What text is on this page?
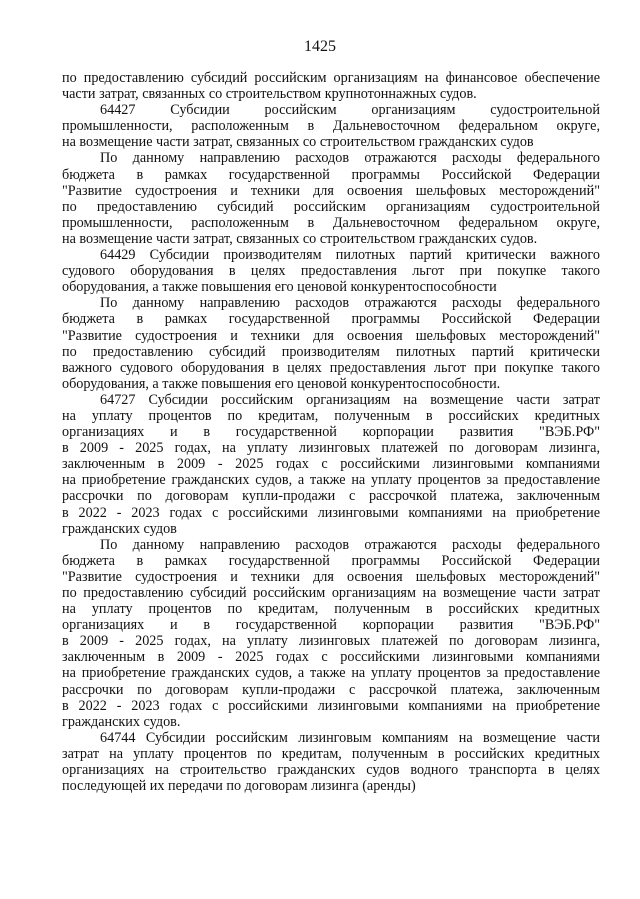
1425
по предоставлению субсидий российским организациям на финансовое обеспечение
части затрат, связанных со строительством крупнотоннажных судов.
64427 Субсидии российским организациям судостроительной
промышленности, расположенным в Дальневосточном федеральном округе,
на возмещение части затрат, связанных со строительством гражданских судов
По данному направлению расходов отражаются расходы федерального
бюджета в рамках государственной программы Российской Федерации
"Развитие судостроения и техники для освоения шельфовых месторождений"
по предоставлению субсидий российским организациям судостроительной
промышленности, расположенным в Дальневосточном федеральном округе,
на возмещение части затрат, связанных со строительством гражданских судов.
64429 Субсидии производителям пилотных партий критически важного
судового оборудования в целях предоставления льгот при покупке такого
оборудования, а также повышения его ценовой конкурентоспособности
По данному направлению расходов отражаются расходы федерального
бюджета в рамках государственной программы Российской Федерации
"Развитие судостроения и техники для освоения шельфовых месторождений"
по предоставлению субсидий производителям пилотных партий критически
важного судового оборудования в целях предоставления льгот при покупке такого
оборудования, а также повышения его ценовой конкурентоспособности.
64727 Субсидии российским организациям на возмещение части затрат
на уплату процентов по кредитам, полученным в российских кредитных
организациях и в государственной корпорации развития "ВЭБ.РФ"
в 2009 - 2025 годах, на уплату лизинговых платежей по договорам лизинга,
заключенным в 2009 - 2025 годах с российскими лизинговыми компаниями
на приобретение гражданских судов, а также на уплату процентов за предоставление
рассрочки по договорам купли-продажи с рассрочкой платежа, заключенным
в 2022 - 2023 годах с российскими лизинговыми компаниями на приобретение
гражданских судов
По данному направлению расходов отражаются расходы федерального
бюджета в рамках государственной программы Российской Федерации
"Развитие судостроения и техники для освоения шельфовых месторождений"
по предоставлению субсидий российским организациям на возмещение части затрат
на уплату процентов по кредитам, полученным в российских кредитных
организациях и в государственной корпорации развития "ВЭБ.РФ"
в 2009 - 2025 годах, на уплату лизинговых платежей по договорам лизинга,
заключенным в 2009 - 2025 годах с российскими лизинговыми компаниями
на приобретение гражданских судов, а также на уплату процентов за предоставление
рассрочки по договорам купли-продажи с рассрочкой платежа, заключенным
в 2022 - 2023 годах с российскими лизинговыми компаниями на приобретение
гражданских судов.
64744 Субсидии российским лизинговым компаниям на возмещение части
затрат на уплату процентов по кредитам, полученным в российских кредитных
организациях на строительство гражданских судов водного транспорта в целях
последующей их передачи по договорам лизинга (аренды)
